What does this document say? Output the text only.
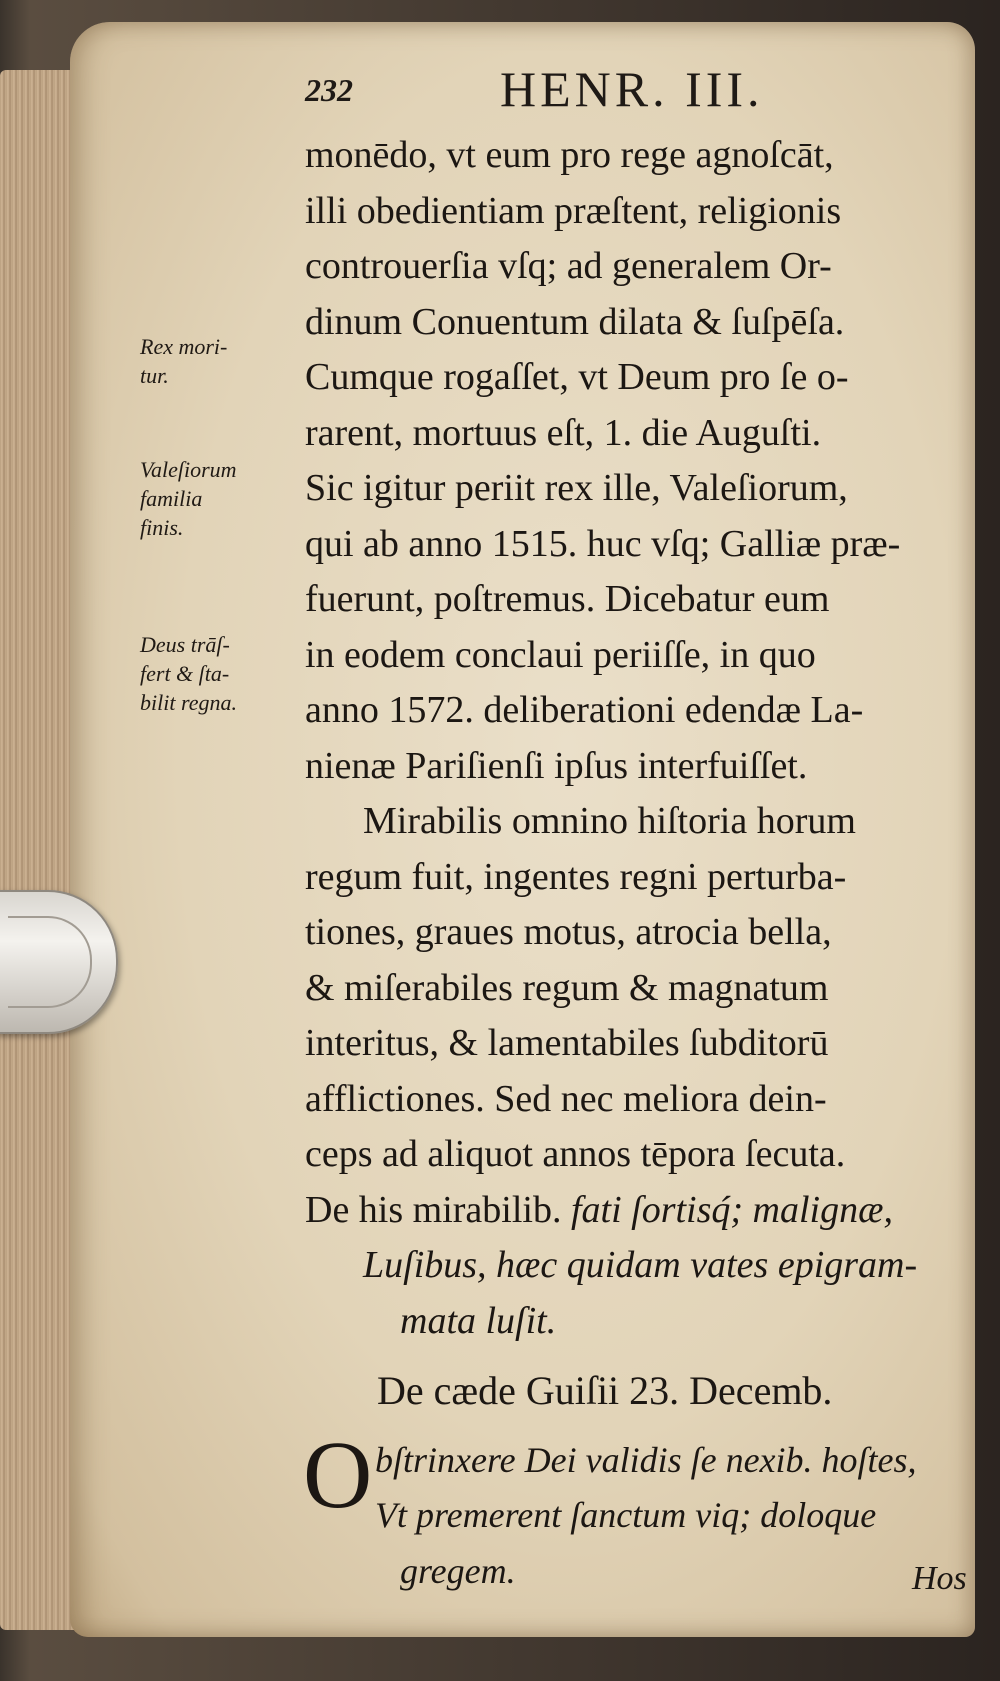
232	HENR. III.
Rex mori-
tur.
Valeſiorum
familia
finis.
Deus trāſ-
fert & ſta-
bilit regna.
monēdo, vt eum pro rege agnoſcāt,
illi obedientiam præſtent, religionis
controuerſia vſq; ad generalem Or-
dinum Conuentum dilata & ſuſpēſa.
Cumque rogaſſet, vt Deum pro ſe o-
rarent, mortuus eſt, 1. die Auguſti.
Sic igitur periit rex ille, Valeſiorum,
qui ab anno 1515. huc vſq; Galliæ præ-
fuerunt, poſtremus. Dicebatur eum
in eodem conclaui periiſſe, in quo
anno 1572. deliberationi edendæ La-
nienæ Pariſienſi ipſus interfuiſſet.
Mirabilis omnino hiſtoria horum
regum fuit, ingentes regni perturba-
tiones, graues motus, atrocia bella,
& miſerabiles regum & magnatum
interitus, & lamentabiles ſubditorū
afflictiones. Sed nec meliora dein-
ceps ad aliquot annos tēpora ſecuta.
De his mirabilib. fati ſortisq́; malignæ,
Luſibus, hæc quidam vates epigram-
mata luſit.
De cæde Guiſii 23. Decemb.
O bſtrinxere Dei validis ſe nexib. hoſtes,
Vt premerent ſanctum viq; doloque
gregem.	Hos
